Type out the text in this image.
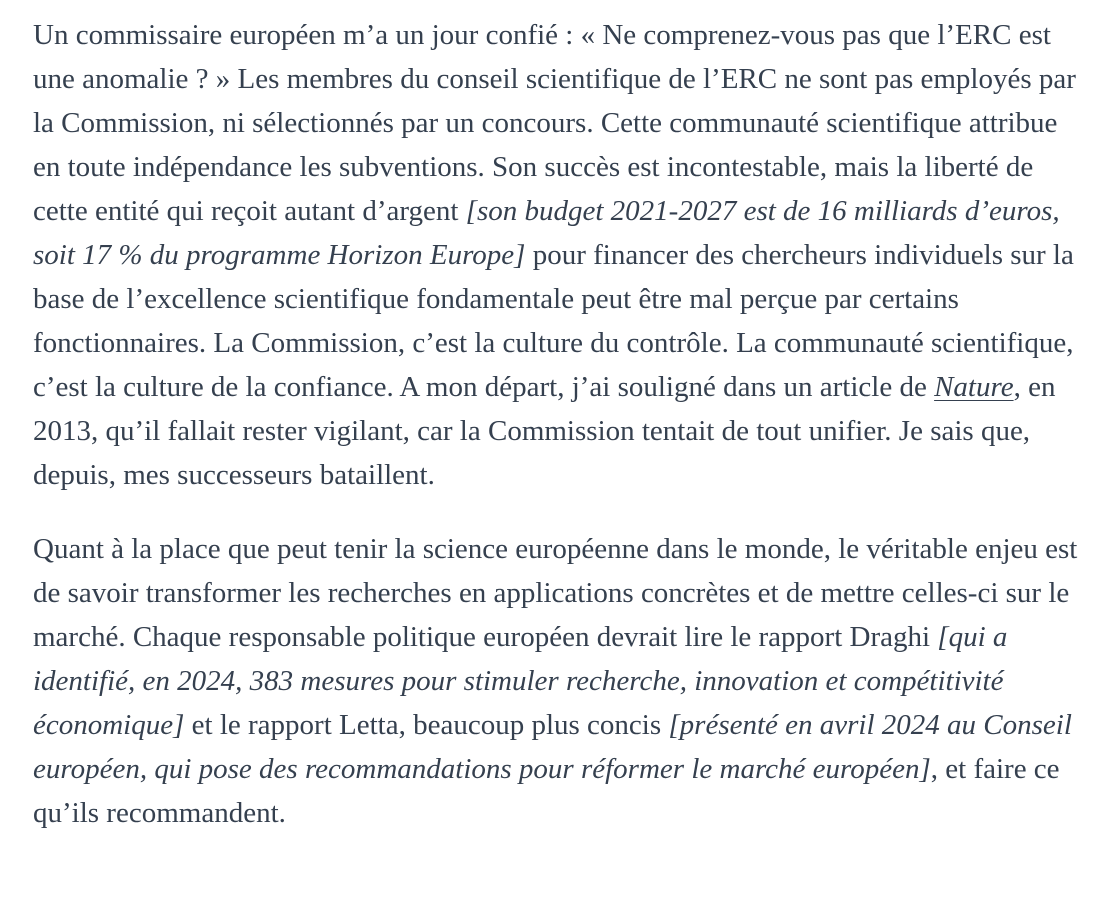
Un commissaire européen m’a un jour confié : « Ne comprenez-vous pas que l’ERC est une anomalie ? » Les membres du conseil scientifique de l’ERC ne sont pas employés par la Commission, ni sélectionnés par un concours. Cette communauté scientifique attribue en toute indépendance les subventions. Son succès est incontestable, mais la liberté de cette entité qui reçoit autant d’argent [son budget 2021-2027 est de 16 milliards d’euros, soit 17 % du programme Horizon Europe] pour financer des chercheurs individuels sur la base de l’excellence scientifique fondamentale peut être mal perçue par certains fonctionnaires. La Commission, c’est la culture du contrôle. La communauté scientifique, c’est la culture de la confiance. A mon départ, j’ai souligné dans un article de Nature, en 2013, qu’il fallait rester vigilant, car la Commission tentait de tout unifier. Je sais que, depuis, mes successeurs bataillent.

Quant à la place que peut tenir la science européenne dans le monde, le véritable enjeu est de savoir transformer les recherches en applications concrètes et de mettre celles-ci sur le marché. Chaque responsable politique européen devrait lire le rapport Draghi [qui a identifié, en 2024, 383 mesures pour stimuler recherche, innovation et compétitivité économique] et le rapport Letta, beaucoup plus concis [présenté en avril 2024 au Conseil européen, qui pose des recommandations pour réformer le marché européen], et faire ce qu’ils recommandent.
